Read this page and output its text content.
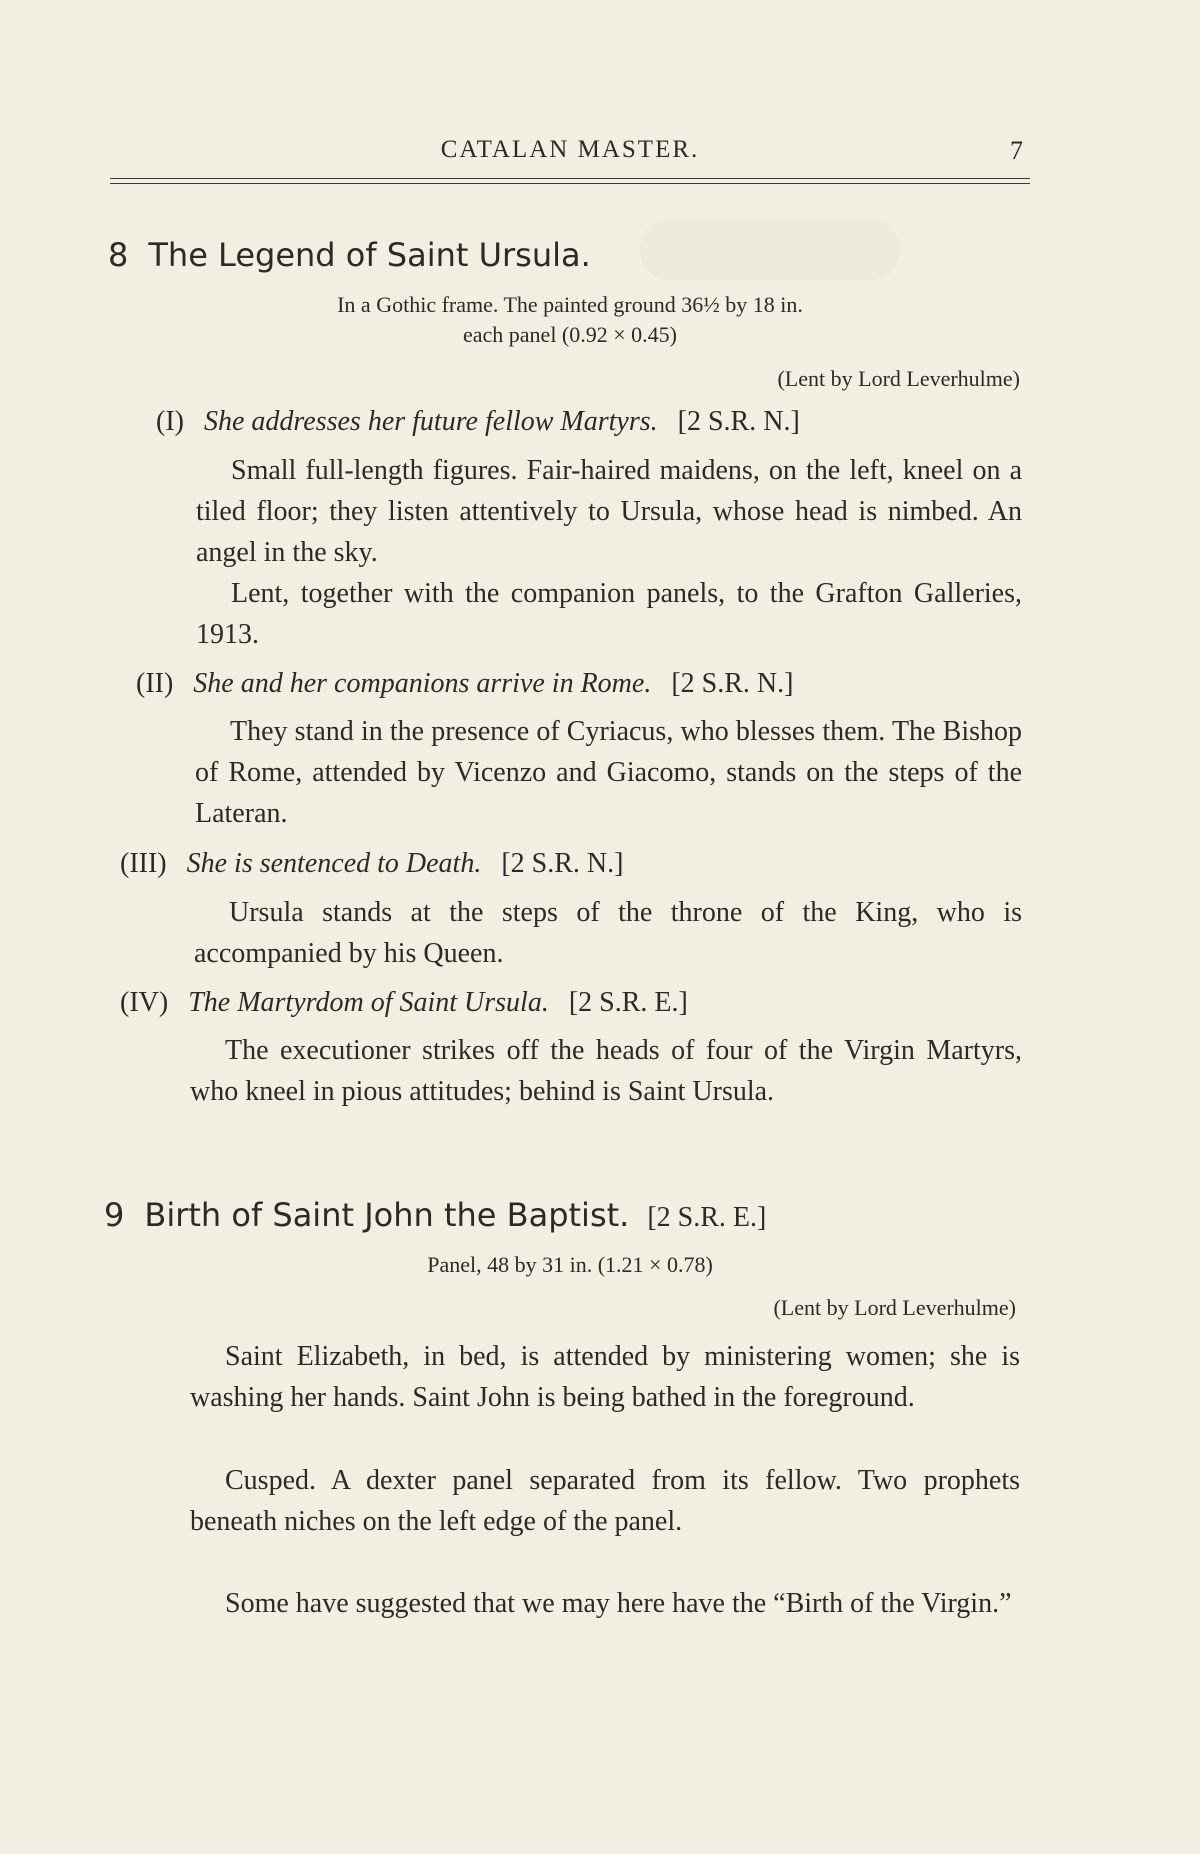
CATALAN MASTER.	7
8 The Legend of Saint Ursula.
In a Gothic frame. The painted ground 36½ by 18 in.
each panel (0.92 × 0.45)
(Lent by Lord Leverhulme)
(I) She addresses her future fellow Martyrs. [2 S.R. N.]
Small full-length figures. Fair-haired maidens, on the left, kneel on a tiled floor; they listen attentively to Ursula, whose head is nimbed. An angel in the sky.
Lent, together with the companion panels, to the Grafton Galleries, 1913.
(II) She and her companions arrive in Rome. [2 S.R. N.]
They stand in the presence of Cyriacus, who blesses them. The Bishop of Rome, attended by Vicenzo and Giacomo, stands on the steps of the Lateran.
(III) She is sentenced to Death. [2 S.R. N.]
Ursula stands at the steps of the throne of the King, who is accompanied by his Queen.
(IV) The Martyrdom of Saint Ursula. [2 S.R. E.]
The executioner strikes off the heads of four of the Virgin Martyrs, who kneel in pious attitudes; behind is Saint Ursula.
9 Birth of Saint John the Baptist. [2 S.R. E.]
Panel, 48 by 31 in. (1.21 × 0.78)
(Lent by Lord Leverhulme)
Saint Elizabeth, in bed, is attended by ministering women; she is washing her hands. Saint John is being bathed in the foreground.
Cusped. A dexter panel separated from its fellow. Two prophets beneath niches on the left edge of the panel.
Some have suggested that we may here have the “Birth of the Virgin.”
